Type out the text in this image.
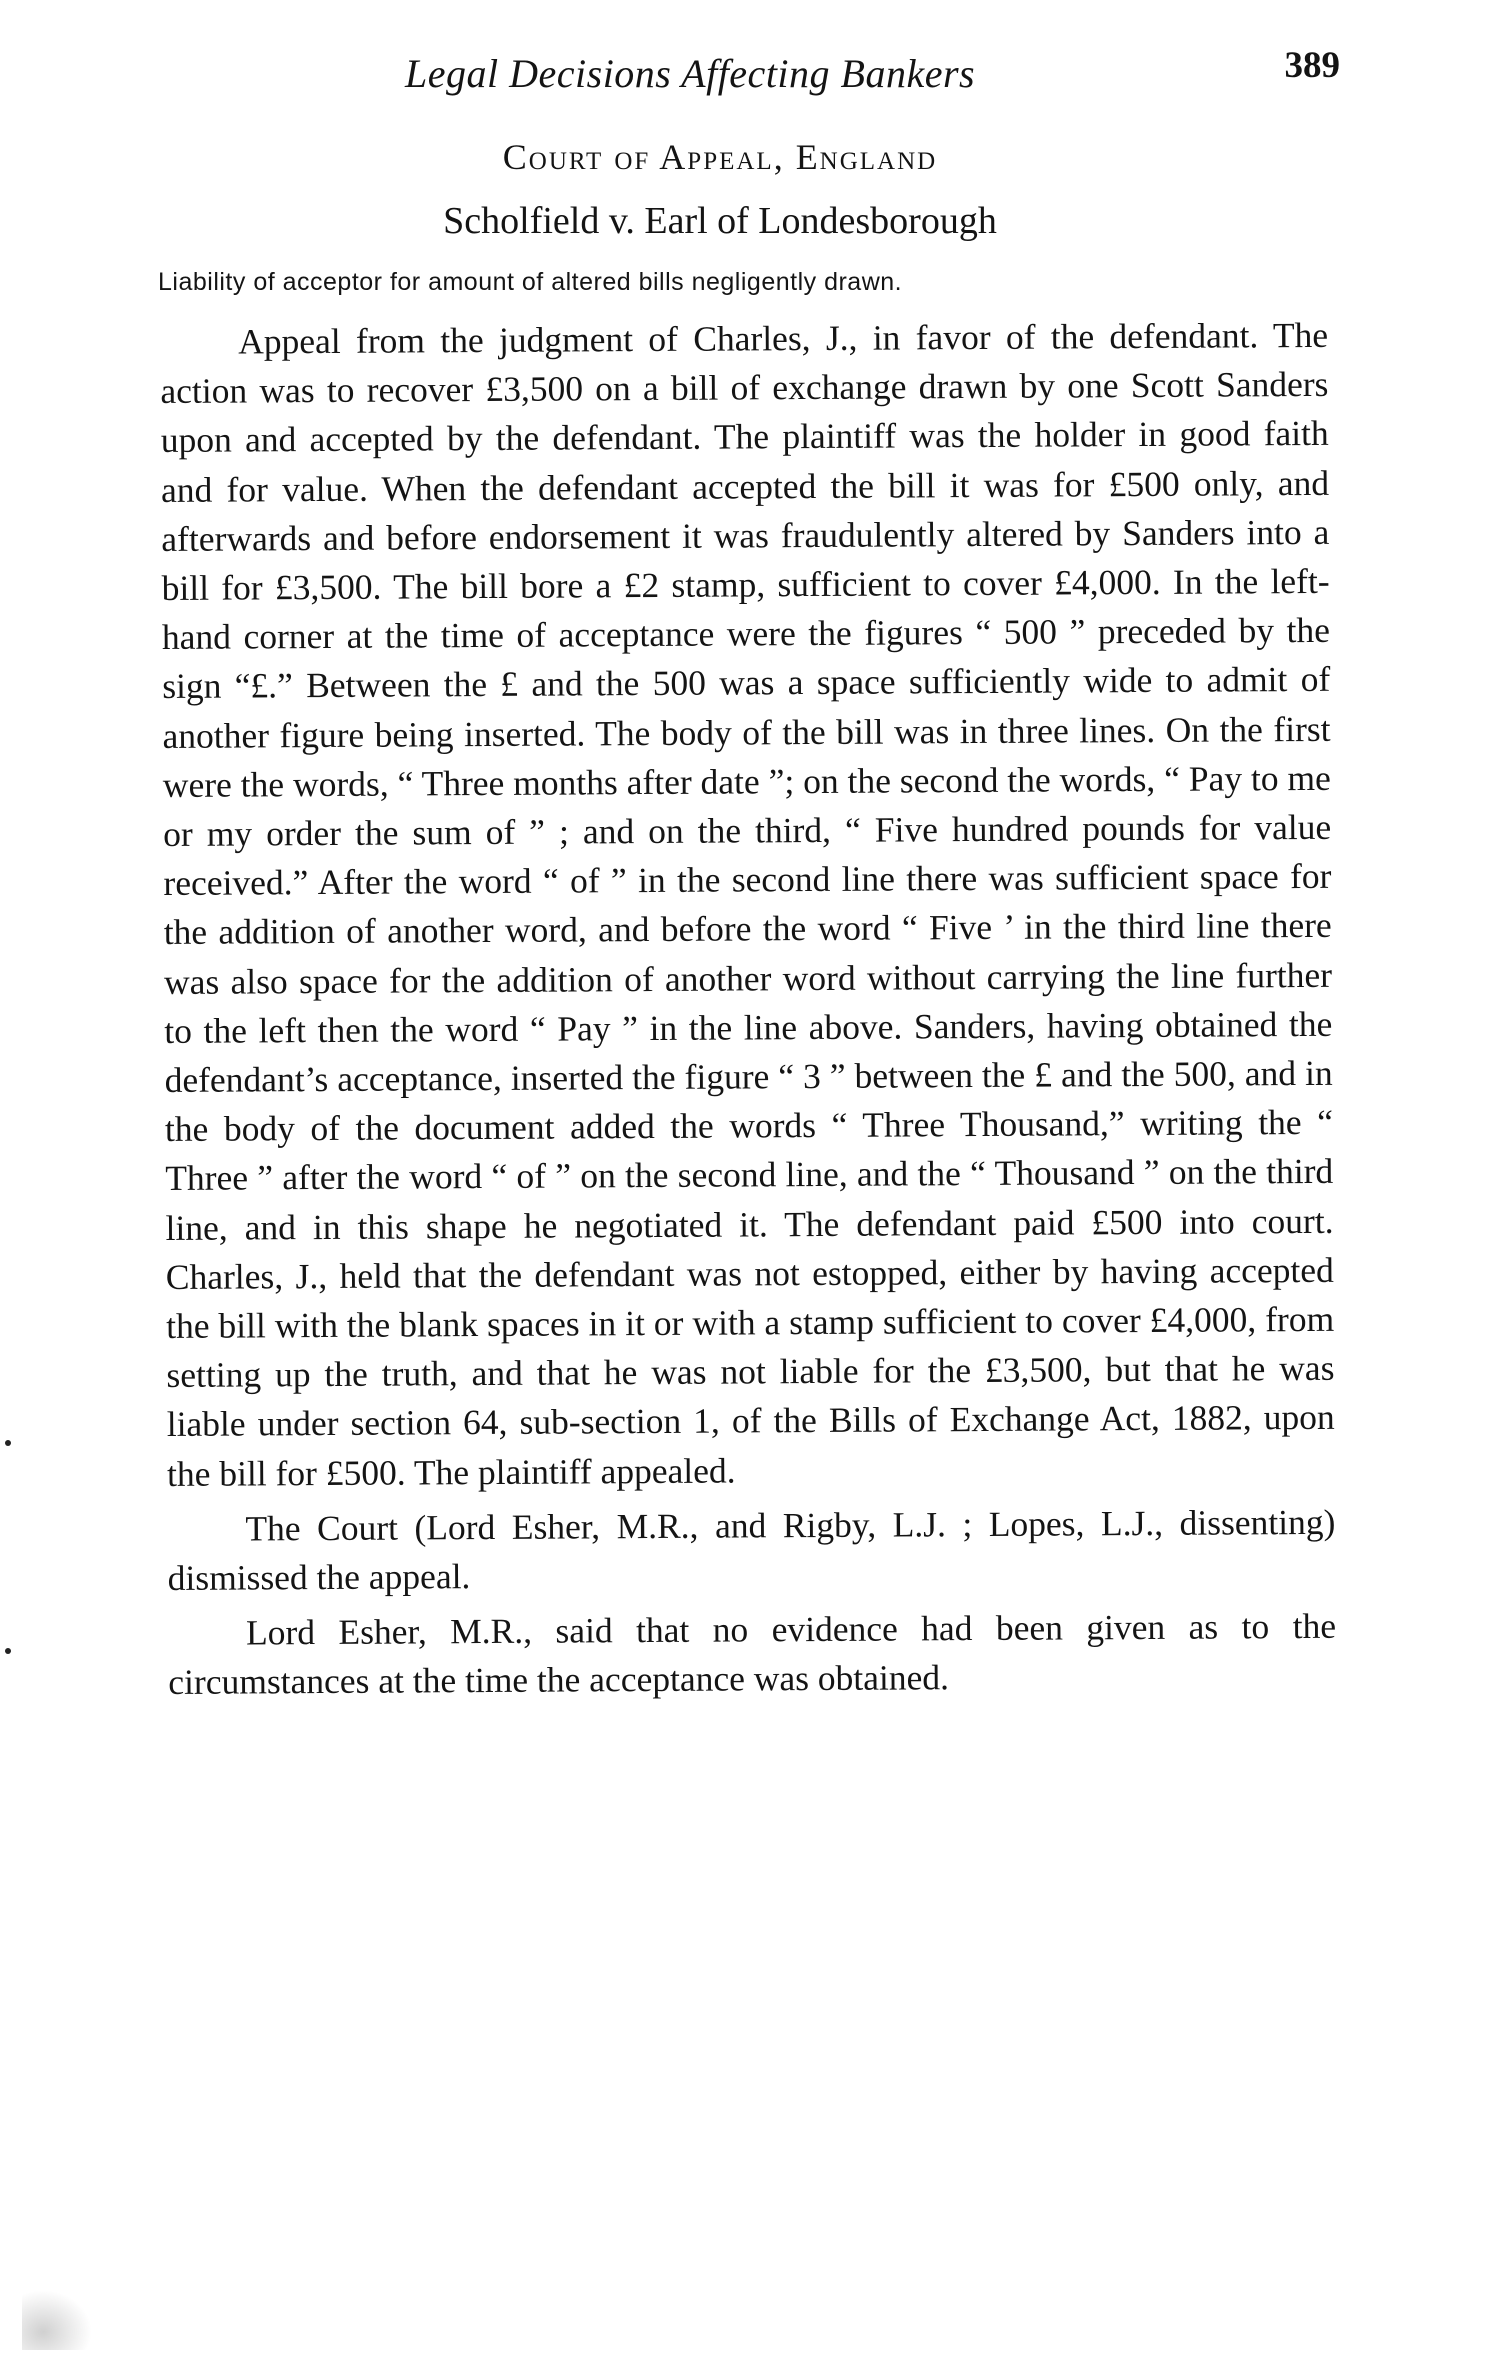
Legal Decisions Affecting Bankers	389
Court of Appeal, England
Scholfield v. Earl of Londesborough
Liability of acceptor for amount of altered bills negligently drawn.

Appeal from the judgment of Charles, J., in favor of the defendant. The action was to recover £3,500 on a bill of exchange drawn by one Scott Sanders upon and accepted by the defendant. The plaintiff was the holder in good faith and for value. When the defendant accepted the bill it was for £500 only, and afterwards and before endorsement it was fraudulently altered by Sanders into a bill for £3,500. The bill bore a £2 stamp, sufficient to cover £4,000. In the left-hand corner at the time of acceptance were the figures “ 500 ” preceded by the sign “£.” Between the £ and the 500 was a space sufficiently wide to admit of another figure being inserted. The body of the bill was in three lines. On the first were the words, “ Three months after date ”; on the second the words, “ Pay to me or my order the sum of ” ; and on the third, “ Five hundred pounds for value received.” After the word “ of ” in the second line there was sufficient space for the addition of another word, and before the word “ Five ’ in the third line there was also space for the addition of another word without carrying the line further to the left then the word “ Pay ” in the line above. Sanders, having obtained the defendant’s acceptance, inserted the figure “ 3 ” between the £ and the 500, and in the body of the document added the words “ Three Thousand,” writing the “ Three ” after the word “ of ” on the second line, and the “ Thousand ” on the third line, and in this shape he negotiated it. The defendant paid £500 into court. Charles, J., held that the defendant was not estopped, either by having accepted the bill with the blank spaces in it or with a stamp sufficient to cover £4,000, from setting up the truth, and that he was not liable for the £3,500, but that he was liable under section 64, sub-section 1, of the Bills of Exchange Act, 1882, upon the bill for £500. The plaintiff appealed.

The Court (Lord Esher, M.R., and Rigby, L.J. ; Lopes, L.J., dissenting) dismissed the appeal.

Lord Esher, M.R., said that no evidence had been given as to the circumstances at the time the acceptance was obtained.
